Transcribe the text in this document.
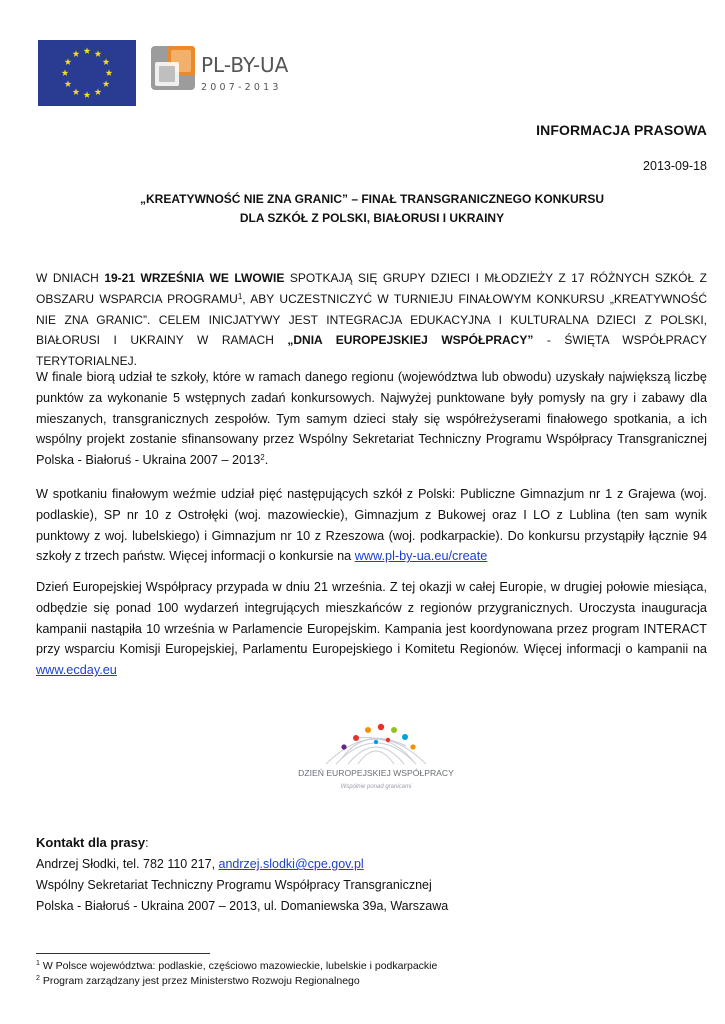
PL-BY-UA
2007-2013
INFORMACJA PRASOWA
2013-09-18
„KREATYWNOŚĆ NIE ZNA GRANIC” – FINAŁ TRANSGRANICZNEGO KONKURSU
DLA SZKÓŁ Z POLSKI, BIAŁORUSI I UKRAINY
W DNIACH 19-21 WRZEŚNIA WE LWOWIE SPOTKAJĄ SIĘ GRUPY DZIECI I MŁODZIEŻY Z 17 RÓŻNYCH SZKÓŁ Z OBSZARU WSPARCIA PROGRAMU$^1$, ABY UCZESTNICZYĆ W TURNIEJU FINAŁOWYM KONKURSU „KREATYWNOŚĆ NIE ZNA GRANIC”. CELEM INICJATYWY JEST INTEGRACJA EDUKACYJNA I KULTURALNA DZIECI Z POLSKI, BIAŁORUSI I UKRAINY W RAMACH „DNIA EUROPEJSKIEJ WSPÓŁPRACY” - ŚWIĘTA WSPÓŁPRACY TERYTORIALNEJ.
W finale biorą udział te szkoły, które w ramach danego regionu (województwa lub obwodu) uzyskały największą liczbę punktów za wykonanie 5 wstępnych zadań konkursowych. Najwyżej punktowane były pomysły na gry i zabawy dla mieszanych, transgranicznych zespołów. Tym samym dzieci stały się współreżyserami finałowego spotkania, a ich wspólny projekt zostanie sfinansowany przez Wspólny Sekretariat Techniczny Programu Współpracy Transgranicznej Polska - Białoruś - Ukraina 2007 – 2013$^2$.
W spotkaniu finałowym weźmie udział pięć następujących szkół z Polski: Publiczne Gimnazjum nr 1 z Grajewa (woj. podlaskie), SP nr 10 z Ostrołęki (woj. mazowieckie), Gimnazjum z Bukowej oraz I LO z Lublina (ten sam wynik punktowy z woj. lubelskiego) i Gimnazjum nr 10 z Rzeszowa (woj. podkarpackie). Do konkursu przystąpiły łącznie 94 szkoły z trzech państw. Więcej informacji o konkursie na www.pl-by-ua.eu/create
Dzień Europejskiej Współpracy przypada w dniu 21 września. Z tej okazji w całej Europie, w drugiej połowie miesiąca, odbędzie się ponad 100 wydarzeń integrujących mieszkańców z regionów przygranicznych. Uroczysta inauguracja kampanii nastąpiła 10 września w Parlamencie Europejskim. Kampania jest koordynowana przez program INTERACT przy wsparciu Komisji Europejskiej, Parlamentu Europejskiego i Komitetu Regionów. Więcej informacji o kampanii na www.ecday.eu
DZIEŃ EUROPEJSKIEJ WSPÓŁPRACY
Wspólnie ponad granicami
Kontakt dla prasy:
Andrzej Słodki, tel. 782 110 217, andrzej.slodki@cpe.gov.pl
Wspólny Sekretariat Techniczny Programu Współpracy Transgranicznej
Polska - Białoruś - Ukraina 2007 – 2013, ul. Domaniewska 39a, Warszawa
$^1$ W Polsce województwa: podlaskie, częściowo mazowieckie, lubelskie i podkarpackie
$^2$ Program zarządzany jest przez Ministerstwo Rozwoju Regionalnego
